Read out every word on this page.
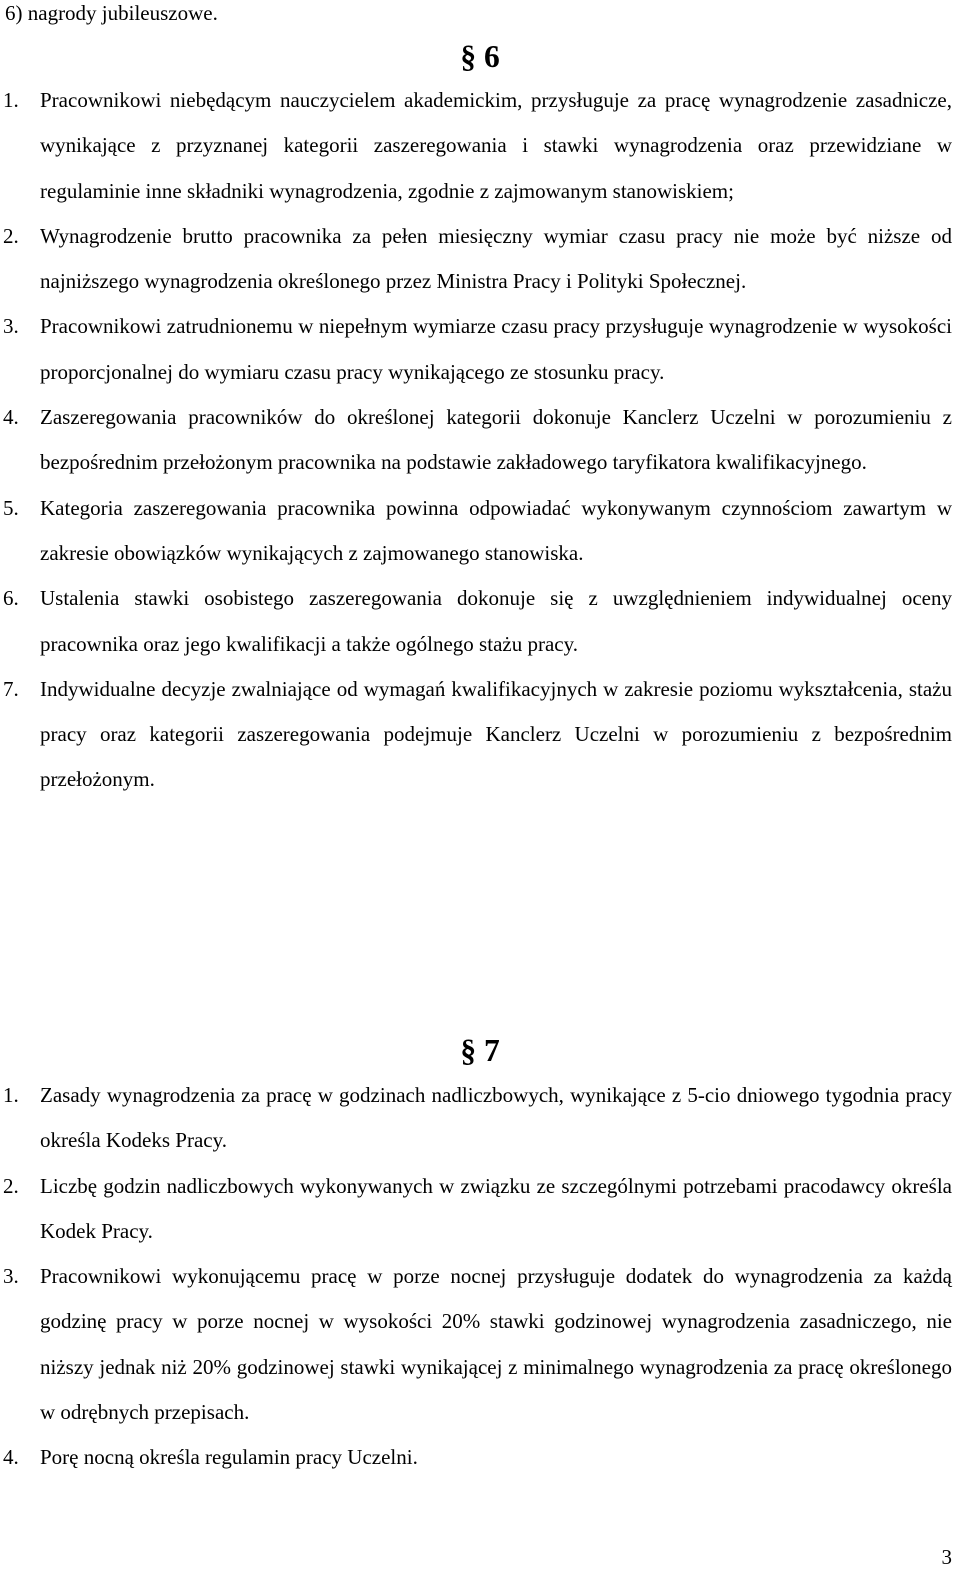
6) nagrody jubileuszowe.

§ 6
1. Pracownikowi niebędącym nauczycielem akademickim, przysługuje za pracę wynagrodzenie zasadnicze, wynikające z przyznanej kategorii zaszeregowania i stawki wynagrodzenia oraz przewidziane w regulaminie inne składniki wynagrodzenia, zgodnie z zajmowanym stanowiskiem;
2. Wynagrodzenie brutto pracownika za pełen miesięczny wymiar czasu pracy nie może być niższe od najniższego wynagrodzenia określonego przez Ministra Pracy i Polityki Społecznej.
3. Pracownikowi zatrudnionemu w niepełnym wymiarze czasu pracy przysługuje wynagrodzenie w wysokości proporcjonalnej do wymiaru czasu pracy wynikającego ze stosunku pracy.
4. Zaszeregowania pracowników do określonej kategorii dokonuje Kanclerz Uczelni w porozumieniu z bezpośrednim przełożonym pracownika na podstawie zakładowego taryfikatora kwalifikacyjnego.
5. Kategoria zaszeregowania pracownika powinna odpowiadać wykonywanym czynnościom zawartym w zakresie obowiązków wynikających z zajmowanego stanowiska.
6. Ustalenia stawki osobistego zaszeregowania dokonuje się z uwzględnieniem indywidualnej oceny pracownika oraz jego kwalifikacji a także ogólnego stażu pracy.
7. Indywidualne decyzje zwalniające od wymagań kwalifikacyjnych w zakresie poziomu wykształcenia, stażu pracy oraz kategorii zaszeregowania podejmuje Kanclerz Uczelni w porozumieniu z bezpośrednim przełożonym.
§ 7
1. Zasady wynagrodzenia za pracę w godzinach nadliczbowych, wynikające z 5-cio dniowego tygodnia pracy określa Kodeks Pracy.
2. Liczbę godzin nadliczbowych wykonywanych w związku ze szczególnymi potrzebami pracodawcy określa Kodek Pracy.
3. Pracownikowi wykonującemu pracę w porze nocnej przysługuje dodatek do wynagrodzenia za każdą godzinę pracy w porze nocnej w wysokości 20% stawki godzinowej wynagrodzenia zasadniczego, nie niższy jednak niż 20% godzinowej stawki wynikającej z minimalnego wynagrodzenia za pracę określonego w odrębnych przepisach.
4. Porę nocną określa regulamin pracy Uczelni.
3
